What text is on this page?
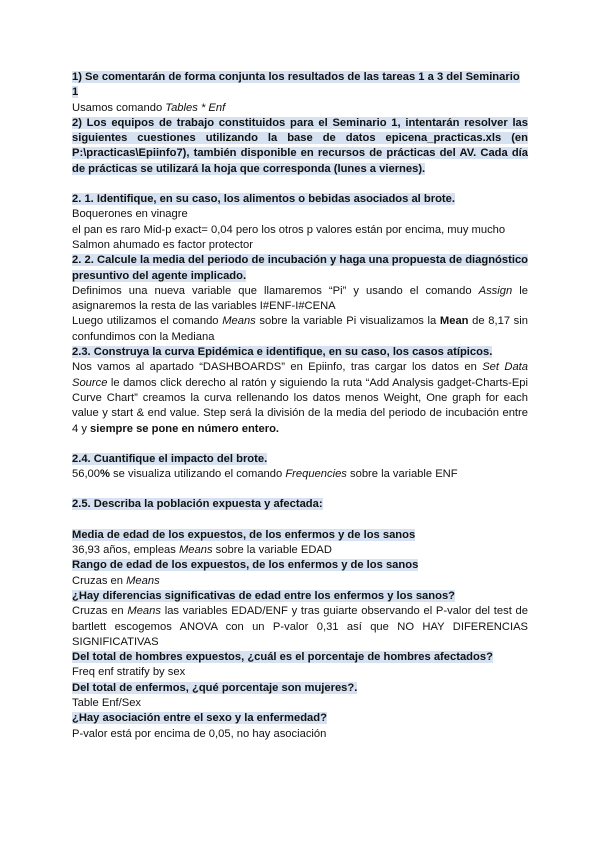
1) Se comentarán de forma conjunta los resultados de las tareas 1 a 3 del Seminario 1

Usamos comando Tables * Enf

2) Los equipos de trabajo constituidos para el Seminario 1, intentarán resolver las siguientes cuestiones utilizando la base de datos epicena_practicas.xls (en P:\practicas\Epiinfo7), también disponible en recursos de prácticas del AV. Cada día de prácticas se utilizará la hoja que corresponda (lunes a viernes).

2. 1. Identifique, en su caso, los alimentos o bebidas asociados al brote.

Boquerones en vinagre

el pan es raro Mid-p exact= 0,04 pero los otros p valores están por encima, muy mucho

Salmon ahumado es factor protector

2. 2. Calcule la media del periodo de incubación y haga una propuesta de diagnóstico presuntivo del agente implicado.

Definimos una nueva variable que llamaremos “Pi” y usando el comando Assign le asignaremos la resta de las variables I#ENF-I#CENA

Luego utilizamos el comando Means sobre la variable Pi visualizamos la Mean de 8,17 sin confundimos con la Mediana

2.3. Construya la curva Epidémica e identifique, en su caso, los casos atípicos.

Nos vamos al apartado “DASHBOARDS” en Epiinfo, tras cargar los datos en Set Data Source le damos click derecho al ratón y siguiendo la ruta “Add Analysis gadget-Charts-Epi Curve Chart” creamos la curva rellenando los datos menos Weight, One graph for each value y start & end value. Step será la división de la media del periodo de incubación entre 4 y siempre se pone en número entero.

2.4. Cuantifique el impacto del brote.

56,00% se visualiza utilizando el comando Frequencies sobre la variable ENF

2.5. Describa la población expuesta y afectada:

Media de edad de los expuestos, de los enfermos y de los sanos

36,93 años, empleas Means sobre la variable EDAD

Rango de edad de los expuestos, de los enfermos y de los sanos

Cruzas en Means

¿Hay diferencias significativas de edad entre los enfermos y los sanos?

Cruzas en Means las variables EDAD/ENF y tras guiarte observando el P-valor del test de bartlett escogemos ANOVA con un P-valor 0,31 así que NO HAY DIFERENCIAS SIGNIFICATIVAS

Del total de hombres expuestos, ¿cuál es el porcentaje de hombres afectados?

Freq enf stratify by sex

Del total de enfermos, ¿qué porcentaje son mujeres?.

Table Enf/Sex

¿Hay asociación entre el sexo y la enfermedad?

P-valor está por encima de 0,05, no hay asociación
